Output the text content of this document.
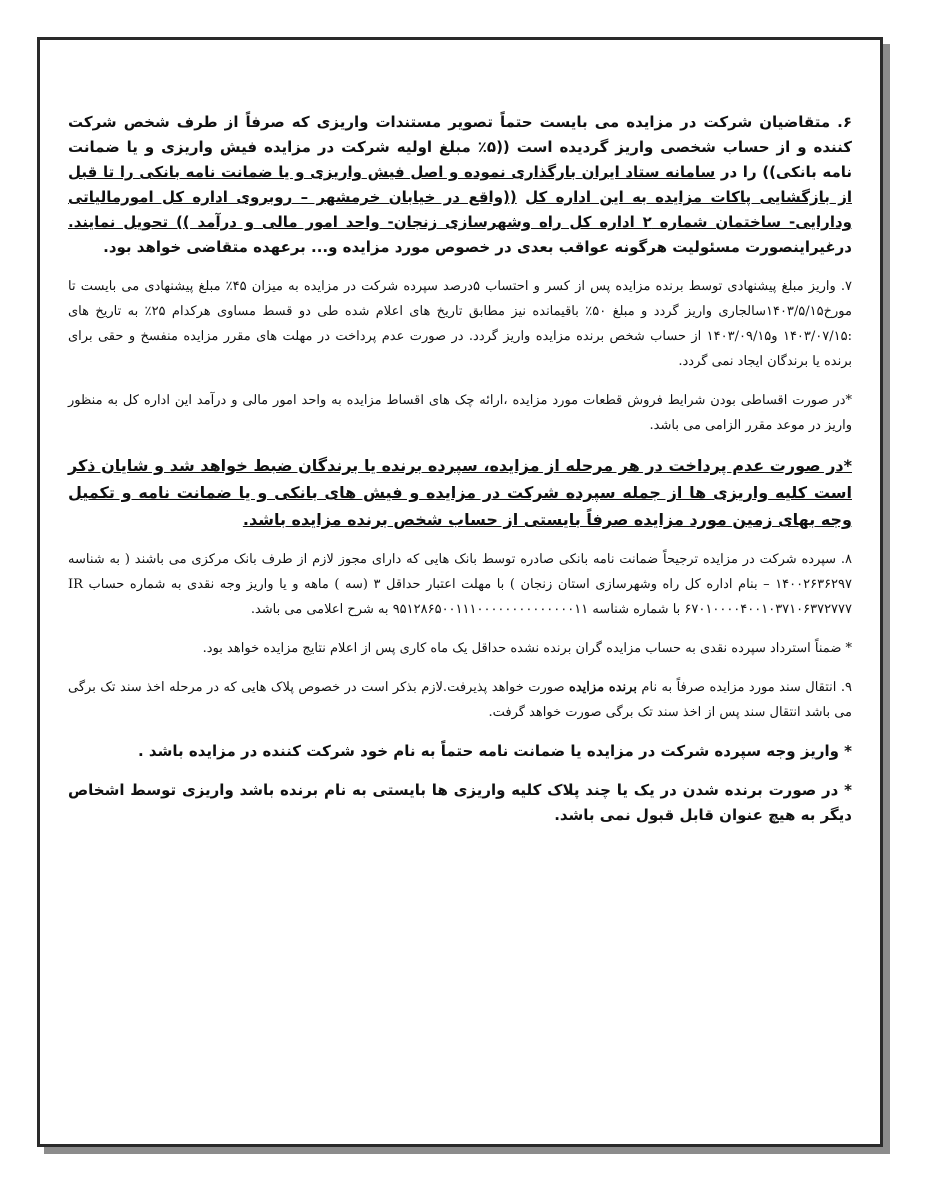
۶. متقاضیان شرکت در مزایده می بایست حتماً تصویر مستندات واریزی که صرفاً از طرف شخص شرکت کننده و از حساب شخصی واریز گردیده است ((۵٪ مبلغ اولیه شرکت در مزایده فیش واریزی و یا ضمانت نامه بانکی)) را در سامانه ستاد ایران بارگذاری نموده و اصل فیش واریزی و یا ضمانت نامه بانکی را تا قبل از بازگشایی پاکات مزایده به این اداره کل ((واقع در خیابان خرمشهر – روبروی اداره کل امورمالیاتی ودارایی- ساختمان شماره ۲ اداره کل راه وشهرسازی زنجان- واحد امور مالی و درآمد )) تحویل نمایند. درغیراینصورت مسئولیت هرگونه عواقب بعدی در خصوص مورد مزایده و... برعهده متقاضی خواهد بود.

۷. واریز مبلغ پیشنهادی توسط برنده مزایده پس از کسر و احتساب ۵درصد سپرده شرکت در مزایده به میزان ۴۵٪ مبلغ پیشنهادی می بایست تا مورخ۱۴۰۳/۵/۱۵سالجاری واریز گردد و مبلغ ۵۰٪ باقیمانده نیز مطابق تاریخ های اعلام شده طی دو قسط مساوی هرکدام ۲۵٪ به تاریخ های :۱۴۰۳/۰۷/۱۵ و۱۴۰۳/۰۹/۱۵ از حساب شخص برنده مزایده واریز گردد. در صورت عدم پرداخت در مهلت های مقرر مزایده منفسخ و حقی برای برنده یا برندگان ایجاد نمی گردد.

*در صورت اقساطی بودن شرایط فروش قطعات مورد مزایده ،ارائه چک های اقساط مزایده به واحد امور مالی و درآمد این اداره کل به منظور واریز در موعد مقرر الزامی می باشد.

*در صورت عدم پرداخت در هر مرحله از مزایده، سپرده برنده یا برندگان ضبط خواهد شد و شایان ذکر است کلیه واریزی ها از جمله سپرده شرکت در مزایده و فیش های بانکی و یا ضمانت نامه و تکمیل وجه بهای زمین مورد مزایده صرفاً بایستی از حساب شخص برنده مزایده باشد.

۸. سپرده شرکت در مزایده ترجیحاً ضمانت نامه بانکی صادره توسط بانک هایی که دارای مجوز لازم از طرف بانک مرکزی می باشند ( به شناسه ۱۴۰۰۲۶۳۶۲۹۷ – بنام اداره کل راه وشهرسازی استان زنجان ) با مهلت اعتبار حداقل ۳ (سه ) ماهه و یا واریز وجه نقدی به شماره حساب IR ۶۷۰۱۰۰۰۰۴۰۰۱۰۳۷۱۰۶۳۷۲۷۷۷ با شماره شناسه ۹۵۱۲۸۶۵۰۰۱۱۱۰۰۰۰۰۰۰۰۰۰۰۰۰۰۱۱ به شرح اعلامی می باشد.

* ضمناً استرداد سپرده نقدی به حساب مزایده گران برنده نشده حداقل یک ماه کاری پس از اعلام نتایج مزایده خواهد بود.

۹. انتقال سند مورد مزایده صرفاً به نام برنده مزایده صورت خواهد پذیرفت.لازم بذکر است در خصوص پلاک هایی که در مرحله اخذ سند تک برگی می باشد انتقال سند پس از اخذ سند تک برگی صورت خواهد گرفت.

* واریز وجه سپرده شرکت در مزایده یا ضمانت نامه حتماً به نام خود شرکت کننده در مزایده باشد .

* در صورت برنده شدن در یک یا چند پلاک کلیه واریزی ها بایستی به نام برنده باشد واریزی توسط اشخاص دیگر به هیچ عنوان قابل قبول نمی باشد.
